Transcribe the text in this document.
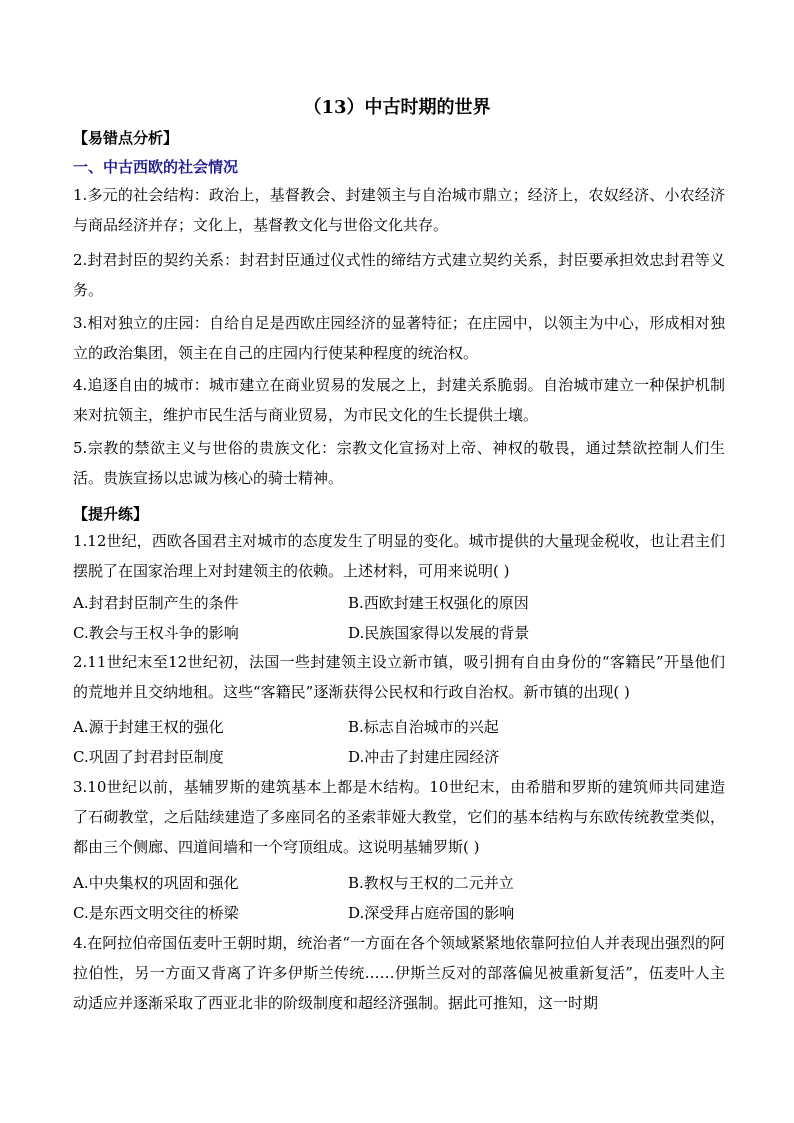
（13）中古时期的世界
【易错点分析】
一、中古西欧的社会情况

1.多元的社会结构：政治上，基督教会、封建领主与自治城市鼎立；经济上，农奴经济、小农经济与商品经济并存；文化上，基督教文化与世俗文化共存。

2.封君封臣的契约关系：封君封臣通过仪式性的缔结方式建立契约关系，封臣要承担效忠封君等义务。

3.相对独立的庄园：自给自足是西欧庄园经济的显著特征；在庄园中，以领主为中心，形成相对独立的政治集团，领主在自己的庄园内行使某种程度的统治权。

4.追逐自由的城市：城市建立在商业贸易的发展之上，封建关系脆弱。自治城市建立一种保护机制来对抗领主，维护市民生活与商业贸易，为市民文化的生长提供土壤。

5.宗教的禁欲主义与世俗的贵族文化：宗教文化宣扬对上帝、神权的敬畏，通过禁欲控制人们生活。贵族宣扬以忠诚为核心的骑士精神。

【提升练】

1.12世纪，西欧各国君主对城市的态度发生了明显的变化。城市提供的大量现金税收，也让君主们摆脱了在国家治理上对封建领主的依赖。上述材料，可用来说明( )

A.封君封臣制产生的条件	B.西欧封建王权强化的原因
C.教会与王权斗争的影响	D.民族国家得以发展的背景

2.11世纪末至12世纪初，法国一些封建领主设立新市镇，吸引拥有自由身份的“客籍民”开垦他们的荒地并且交纳地租。这些“客籍民”逐渐获得公民权和行政自治权。新市镇的出现( )

A.源于封建王权的强化	B.标志自治城市的兴起
C.巩固了封君封臣制度	D.冲击了封建庄园经济

3.10世纪以前，基辅罗斯的建筑基本上都是木结构。10世纪末，由希腊和罗斯的建筑师共同建造了石砌教堂，之后陆续建造了多座同名的圣索菲娅大教堂，它们的基本结构与东欧传统教堂类似，都由三个侧廊、四道间墙和一个穹顶组成。这说明基辅罗斯( )

A.中央集权的巩固和强化	B.教权与王权的二元并立
C.是东西文明交往的桥梁	D.深受拜占庭帝国的影响

4.在阿拉伯帝国伍麦叶王朝时期，统治者“一方面在各个领域紧紧地依靠阿拉伯人并表现出强烈的阿拉伯性，另一方面又背离了许多伊斯兰传统……伊斯兰反对的部落偏见被重新复活”，伍麦叶人主动适应并逐渐采取了西亚北非的阶级制度和超经济强制。据此可推知，这一时期
